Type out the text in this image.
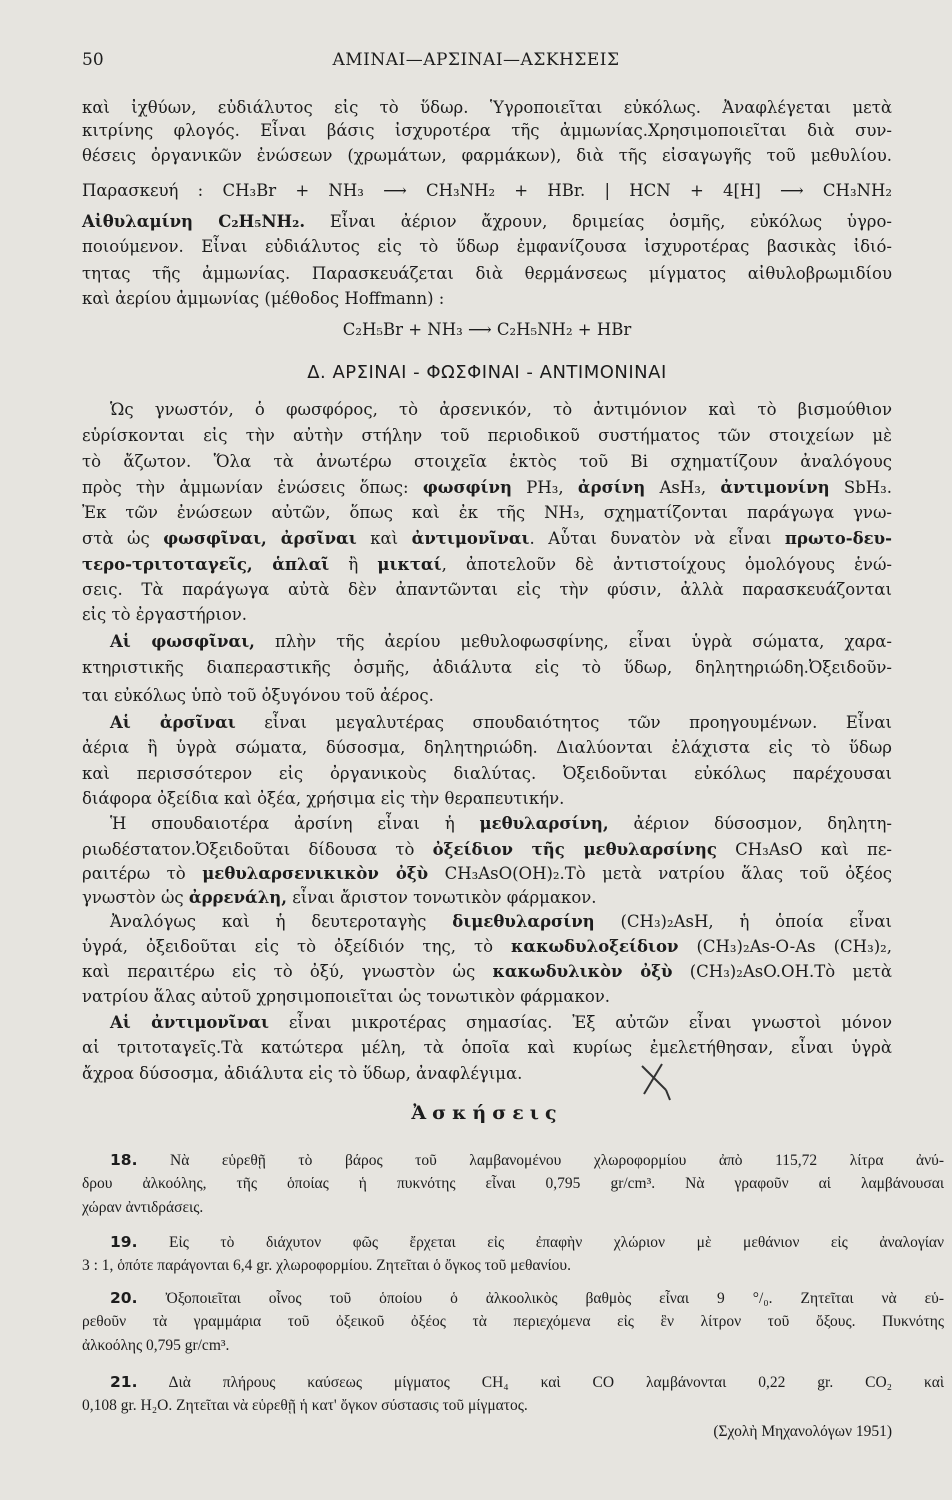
50	ΑΜΙΝΑΙ—ΑΡΣΙΝΑΙ—ΑΣΚΗΣΕΙΣ
καὶ ἰχθύων, εὐδιάλυτος εἰς τὸ ὕδωρ. Ὑγροποιεῖται εὐκόλως. Ἀναφλέγεται μετὰ
κιτρίνης φλογός. Εἶναι βάσις ἰσχυροτέρα τῆς ἀμμωνίας.Χρησιμοποιεῖται διὰ συν-
θέσεις ὀργανικῶν ἐνώσεων (χρωμάτων, φαρμάκων), διὰ τῆς εἰσαγωγῆς τοῦ μεθυλίου.
Παρασκευή : CH₃Br + NH₃ ⟶ CH₃NH₂ + HBr. | HCN + 4[H] ⟶ CH₃NH₂
Αἰθυλαμίνη C₂H₅NH₂. Εἶναι ἀέριον ἄχρουν, δριμείας ὀσμῆς, εὐκόλως ὑγρο-
ποιούμενον. Εἶναι εὐδιάλυτος εἰς τὸ ὕδωρ ἐμφανίζουσα ἰσχυροτέρας βασικὰς ἰδιό-
τητας τῆς ἀμμωνίας. Παρασκευάζεται διὰ θερμάνσεως μίγματος αἰθυλοβρωμιδίου
καὶ ἀερίου ἀμμωνίας (μέθοδος Hoffmann) :
C₂H₅Br + NH₃ ⟶ C₂H₅NH₂ + HBr
Δ. ΑΡΣΙΝΑΙ - ΦΩΣΦΙΝΑΙ - ΑΝΤΙΜΟΝΙΝΑΙ
Ὡς γνωστόν, ὁ φωσφόρος, τὸ ἀρσενικόν, τὸ ἀντιμόνιον καὶ τὸ βισμούθιον
εὑρίσκονται εἰς τὴν αὐτὴν στήλην τοῦ περιοδικοῦ συστήματος τῶν στοιχείων μὲ
τὸ ἄζωτον. Ὅλα τὰ ἀνωτέρω στοιχεῖα ἐκτὸς τοῦ Bi σχηματίζουν ἀναλόγους
πρὸς τὴν ἀμμωνίαν ἐνώσεις ὅπως: φωσφίνη PH₃, ἀρσίνη AsH₃, ἀντιμονίνη SbH₃.
Ἐκ τῶν ἐνώσεων αὐτῶν, ὅπως καὶ ἐκ τῆς NH₃, σχηματίζονται παράγωγα γνω-
στὰ ὡς φωσφῖναι, ἀρσῖναι καὶ ἀντιμονῖναι. Αὗται δυνατὸν νὰ εἶναι πρωτο-δευ-
τερο-τριτοταγεῖς, ἁπλαῖ ἢ μικταί, ἀποτελοῦν δὲ ἀντιστοίχους ὁμολόγους ἑνώ-
σεις. Τὰ παράγωγα αὐτὰ δὲν ἀπαντῶνται εἰς τὴν φύσιν, ἀλλὰ παρασκευάζονται
εἰς τὸ ἐργαστήριον.
Αἱ φωσφῖναι, πλὴν τῆς ἀερίου μεθυλοφωσφίνης, εἶναι ὑγρὰ σώματα, χαρα-
κτηριστικῆς διαπεραστικῆς ὀσμῆς, ἀδιάλυτα εἰς τὸ ὕδωρ, δηλητηριώδη.Ὀξειδοῦν-
ται εὐκόλως ὑπὸ τοῦ ὀξυγόνου τοῦ ἀέρος.
Αἱ ἀρσῖναι εἶναι μεγαλυτέρας σπουδαιότητος τῶν προηγουμένων. Εἶναι
ἀέρια ἢ ὑγρὰ σώματα, δύσοσμα, δηλητηριώδη. Διαλύονται ἐλάχιστα εἰς τὸ ὕδωρ
καὶ περισσότερον εἰς ὀργανικοὺς διαλύτας. Ὀξειδοῦνται εὐκόλως παρέχουσαι
διάφορα ὀξείδια καὶ ὀξέα, χρήσιμα εἰς τὴν θεραπευτικήν.
Ἡ σπουδαιοτέρα ἀρσίνη εἶναι ἡ μεθυλαρσίνη, ἀέριον δύσοσμον, δηλητη-
ριωδέστατον.Ὀξειδοῦται δίδουσα τὸ ὀξείδιον τῆς μεθυλαρσίνης CH₃AsO καὶ πε-
ραιτέρω τὸ μεθυλαρσενικικὸν ὀξὺ CH₃AsO(OH)₂.Τὸ μετὰ νατρίου ἅλας τοῦ ὀξέος
γνωστὸν ὡς ἀρρενάλη, εἶναι ἄριστον τονωτικὸν φάρμακον.
Ἀναλόγως καὶ ἡ δευτεροταγὴς διμεθυλαρσίνη (CH₃)₂AsH, ἡ ὁποία εἶναι
ὑγρά, ὀξειδοῦται εἰς τὸ ὀξείδιόν της, τὸ κακωδυλοξείδιον (CH₃)₂As-O-As (CH₃)₂,
καὶ περαιτέρω εἰς τὸ ὀξύ, γνωστὸν ὡς κακωδυλικὸν ὀξὺ (CH₃)₂AsO.OH.Τὸ μετὰ
νατρίου ἅλας αὐτοῦ χρησιμοποιεῖται ὡς τονωτικὸν φάρμακον.
Αἱ ἀντιμονῖναι εἶναι μικροτέρας σημασίας. Ἐξ αὐτῶν εἶναι γνωστοὶ μόνον
αἱ τριτοταγεῖς.Τὰ κατώτερα μέλη, τὰ ὁποῖα καὶ κυρίως ἐμελετήθησαν, εἶναι ὑγρὰ
ἄχροα δύσοσμα, ἀδιάλυτα εἰς τὸ ὕδωρ, ἀναφλέγιμα.
Ἀσκήσεις
18. Νὰ εὑρεθῇ τὸ βάρος τοῦ λαμβανομένου χλωροφορμίου ἀπὸ 115,72 λίτρα ἀνύ-
δρου ἀλκοόλης, τῆς ὁποίας ἡ πυκνότης εἶναι 0,795 gr/cm³. Νὰ γραφοῦν αἱ λαμβάνουσαι
χώραν ἀντιδράσεις.
19. Εἰς τὸ διάχυτον φῶς ἔρχεται εἰς ἐπαφὴν χλώριον μὲ μεθάνιον εἰς ἀναλογίαν
3 : 1, ὁπότε παράγονται 6,4 gr. χλωροφορμίου. Ζητεῖται ὁ ὄγκος τοῦ μεθανίου.
20. Ὀξοποιεῖται οἶνος τοῦ ὁποίου ὁ ἀλκοολικὸς βαθμὸς εἶναι 9 °/₀. Ζητεῖται νὰ εὑ-
ρεθοῦν τὰ γραμμάρια τοῦ ὀξεικοῦ ὀξέος τὰ περιεχόμενα εἰς ἓν λίτρον τοῦ ὄξους. Πυκνότης
ἀλκοόλης 0,795 gr/cm³.
21. Διὰ πλήρους καύσεως μίγματος CH₄ καὶ CO λαμβάνονται 0,22 gr. CO₂ καὶ
0,108 gr. H₂O. Ζητεῖται νὰ εὑρεθῇ ἡ κατ' ὄγκον σύστασις τοῦ μίγματος.
(Σχολὴ Μηχανολόγων 1951)
